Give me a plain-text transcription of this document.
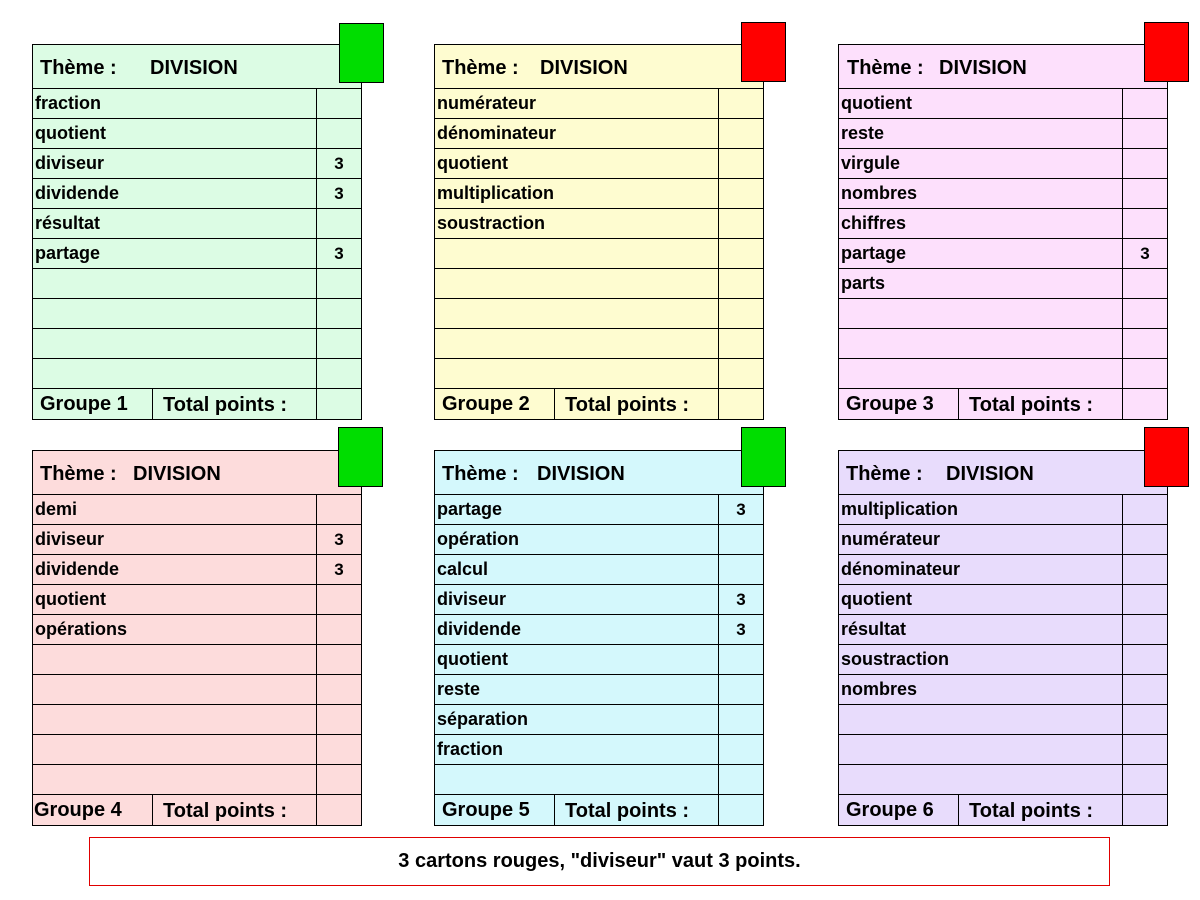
Thème : DIVISION
fraction
quotient
diviseur	3
dividende	3
résultat
partage	3
Groupe 1	Total points :
Thème : DIVISION
numérateur
dénominateur
quotient
multiplication
soustraction
Groupe 2	Total points :
Thème : DIVISION
quotient
reste
virgule
nombres
chiffres
partage	3
parts
Groupe 3	Total points :
Thème : DIVISION
demi
diviseur	3
dividende	3
quotient
opérations
Groupe 4	Total points :
Thème : DIVISION
partage	3
opération
calcul
diviseur	3
dividende	3
quotient
reste
séparation
fraction
Groupe 5	Total points :
Thème : DIVISION
multiplication
numérateur
dénominateur
quotient
résultat
soustraction
nombres
Groupe 6	Total points :
3 cartons rouges, "diviseur" vaut 3 points.
